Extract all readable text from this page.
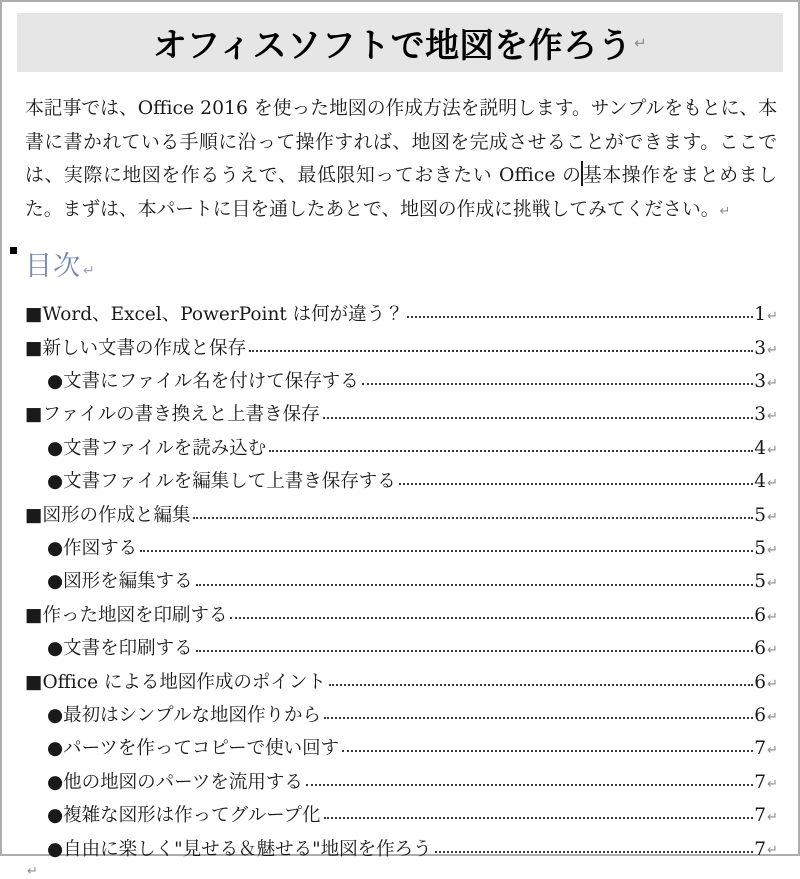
オフィスソフトで地図を作ろう ↵

本記事では、Office 2016 を使った地図の作成方法を説明します。サンプルをもとに、本書に書かれている手順に沿って操作すれば、地図を完成させることができます。ここでは、実際に地図を作るうえで、最低限知っておきたい Office の基本操作をまとめました。まずは、本パートに目を通したあとで、地図の作成に挑戦してみてください。↵

目次 ↵
■Word、Excel、PowerPoint は何が違う？	1 ↵
■新しい文書の作成と保存	3 ↵
●文書にファイル名を付けて保存する	3 ↵
■ファイルの書き換えと上書き保存	3 ↵
●文書ファイルを読み込む	4 ↵
●文書ファイルを編集して上書き保存する	4 ↵
■図形の作成と編集	5 ↵
●作図する	5 ↵
●図形を編集する	5 ↵
■作った地図を印刷する	6 ↵
●文書を印刷する	6 ↵
■Office による地図作成のポイント	6 ↵
●最初はシンプルな地図作りから	6 ↵
●パーツを作ってコピーで使い回す	7 ↵
●他の地図のパーツを流用する	7 ↵
●複雑な図形は作ってグループ化	7 ↵
●自由に楽しく"見せる＆魅せる"地図を作ろう	7 ↵
↵
